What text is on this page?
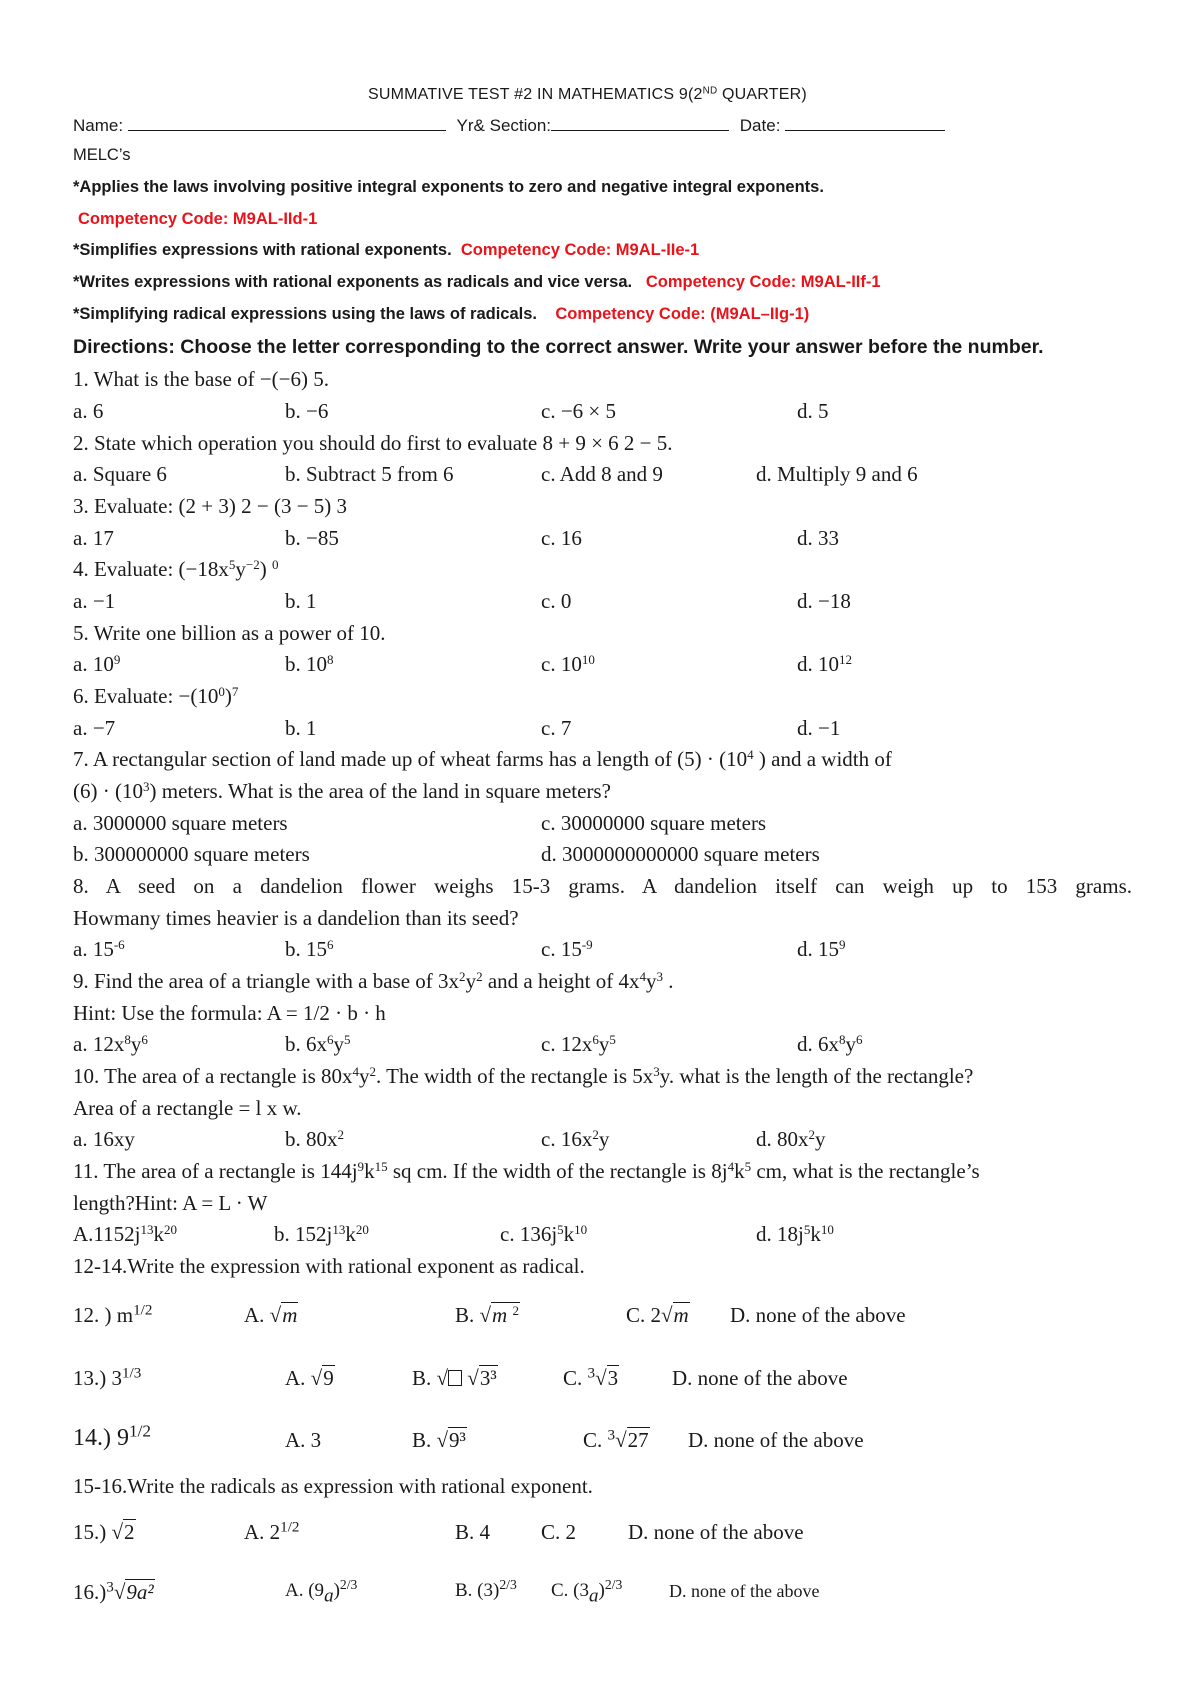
SUMMATIVE TEST #2 IN MATHEMATICS 9(2ND QUARTER)
Name:	Yr& Section:	Date:
MELC’s
*Applies the laws involving positive integral exponents to zero and negative integral exponents.
Competency Code: M9AL-IId-1
*Simplifies expressions with rational exponents. Competency Code: M9AL-IIe-1
*Writes expressions with rational exponents as radicals and vice versa. Competency Code: M9AL-IIf-1
*Simplifying radical expressions using the laws of radicals. Competency Code: (M9AL–IIg-1)
Directions: Choose the letter corresponding to the correct answer. Write your answer before the number.
1. What is the base of −(−6) 5.
a. 6	b. −6	c. −6 × 5	d. 5
2. State which operation you should do first to evaluate 8 + 9 × 6 2 − 5.
a. Square 6	b. Subtract 5 from 6	c. Add 8 and 9	d. Multiply 9 and 6
3. Evaluate: (2 + 3) 2 − (3 − 5) 3
a. 17	b. −85	c. 16	d. 33
4. Evaluate: $(-18x^5y^{-2})$ $^0$
a. −1	b. 1	c. 0	d. −18
5. Write one billion as a power of 10.
a. $10^9$	b. $10^8$	c. $10^{10}$	d. $10^{12}$
6. Evaluate: $-(10^0)^7$
a. −7	b. 1	c. 7	d. −1
7. A rectangular section of land made up of wheat farms has a length of $(5) \cdot (10^4$ ) and a width of
$(6) \cdot (10^3)$ meters. What is the area of the land in square meters?
a. 3000000 square meters	c. 30000000 square meters
b. 300000000 square meters	d. 3000000000000 square meters
8. A seed on a dandelion flower weighs 15-3 grams. A dandelion itself can weigh up to 153 grams.
Howmany times heavier is a dandelion than its seed?
a. $15^{-6}$	b. $15^6$	c. $15^{-9}$	d. $15^9$
9. Find the area of a triangle with a base of $3x^2y^2$ and a height of $4x^4y^3$ .
Hint: Use the formula: A = 1/2 · b · h
a. $12x^8y^6$	b. $6x^6y^5$	c. $12x^6y^5$	d. $6x^8y^6$
10. The area of a rectangle is $80x^4y^2$. The width of the rectangle is $5x^3y$. what is the length of the rectangle?
Area of a rectangle = l x w.
a. 16xy	b. $80x^2$	c. $16x^2y$	d. $80x^2y$
11. The area of a rectangle is $144j^9k^{15}$ sq cm. If the width of the rectangle is $8j^4k^5$ cm, what is the rectangle’s
length?Hint: A = L · W
$A.1152j^{13}k^{20}$	b. $152j^{13}k^{20}$	c. $136j^5k^{10}$	d. $18j^5k^{10}$
12-14.Write the expression with rational exponent as radical.
12. ) $m^{1/2}$	A. √m	B. √m $^2$	C. 2√m D. none of the above
13.) $3^{1/3}$	A. √9	B. √ √3³	C. $^3$√3	D. none of the above
14.) $9^{1/2}$	A. 3	B. √9³	C. $^3$√27 D. none of the above
15-16.Write the radicals as expression with rational exponent.
15.) √2	A. $2^{1/2}$	B. 4 C. 2 D. none of the above
16.)$^3$√9a²	A. $(9a)^{2/3}$	B. $(3)^{2/3}$ C. $(3a)^{2/3}$	D. none of the above
